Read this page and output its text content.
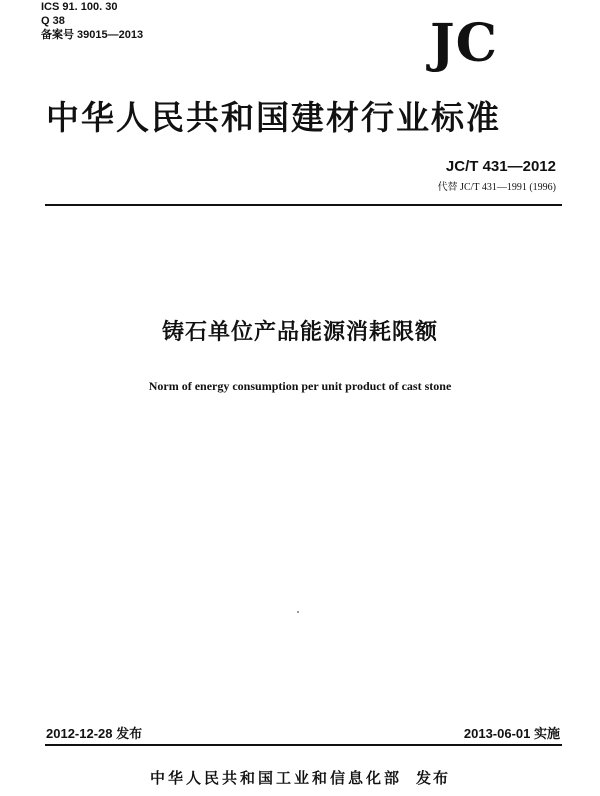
ICS 91. 100. 30
Q 38
备案号 39015—2013	JC
中华人民共和国建材行业标准
JC/T 431—2012
代替 JC/T 431—1991 (1996)
铸石单位产品能源消耗限额
Norm of energy consumption per unit product of cast stone
2012-12-28 发布	2013-06-01 实施
中华人民共和国工业和信息化部 发布
